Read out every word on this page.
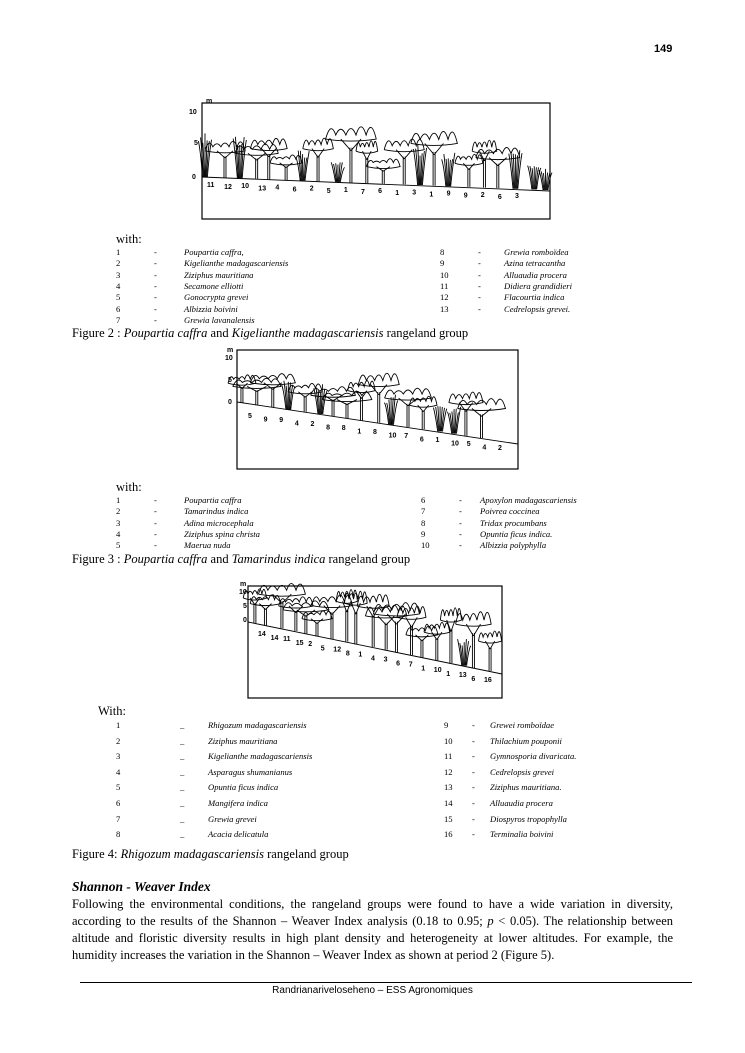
149
m
10
5
0
11 12 10 13 4 6 2 5 1 7 6 1 3 1 9 9 2 6 3
with:
1	-	Poupartia caffra,
2	-	Kigelianthe madagascariensis
3	-	Ziziphus mauritiana
4	-	Secamone elliotti
5	-	Gonocrypta grevei
6	-	Albizzia boivini
7	-	Grewia lavanalensis
8	-	Grewia romboïdea
9	-	Azina tetracantha
10	-	Alluaudia procera
11	-	Didiera grandidieri
12	-	Flacourtia indica
13	-	Cedrelopsis grevei.
Figure 2 : Poupartia caffra and Kigelianthe madagascariensis rangeland group
m
10
5
0
5 9 9 4 2 8 8 1 8 10 7 6 1 10 5 4 2
with:
1	-	Poupartia caffra
2	-	Tamarindus indica
3	-	Adina microcephala
4	-	Ziziphus spina christa
5	-	Maerua nuda
6	- Apoxylon madagascariensis
7	- Poivrea coccinea
8	- Tridax procumbans
9	- Opuntia ficus indica.
10	- Albizzia polyphylla
Figure 3 : Poupartia caffra and Tamarindus indica rangeland group
m
10
5
0
14
14 11
15 2
5 12
8 1
4 3
6 7
1 10
1 13
6 16
With:
1	_	Rhigozum madagascariensis
2	_	Ziziphus mauritiana
3	_	Kigelianthe madagascariensis
4	_	Asparagus shumanianus
5	_	Opuntia ficus indica
6	_	Mangifera indica
7	_	Grewia grevei
8	_	Acacia delicatula
9	- Grewei romboïdae
10 - Thilachium pouponii
11 - Gymnosporia divaricata.
12 - Cedrelopsis grevei
13 - Ziziphus mauritiana.
14 - Alluaudia procera
15 - Diospyros tropophylla
16 - Terminalia boivini
Figure 4: Rhigozum madagascariensis rangeland group
Shannon - Weaver Index
Following the environmental conditions, the rangeland groups were found to have a wide variation in diversity, according to the results of the Shannon – Weaver Index analysis (0.18 to 0.95; p < 0.05). The relationship between altitude and floristic diversity results in high plant density and heterogeneity at lower altitudes. For example, the humidity increases the variation in the Shannon – Weaver Index as shown at period 2 (Figure 5).
Randrianariveloseheno – ESS Agronomiques
